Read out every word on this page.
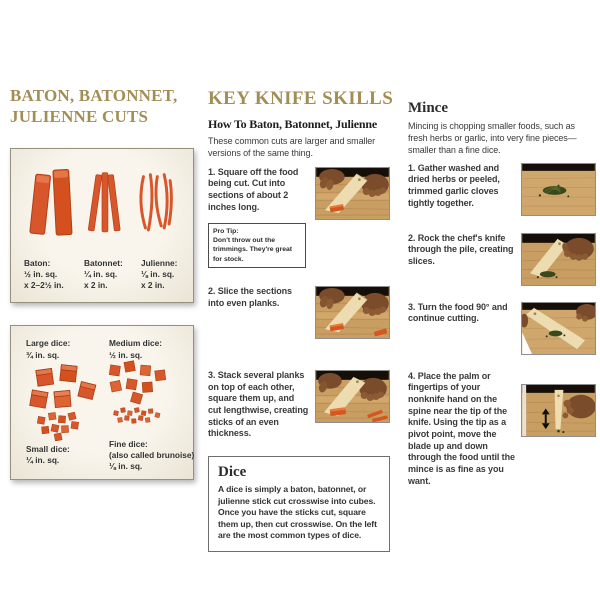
BATON, BATONNET, JULIENNE CUTS
Baton:
½ in. sq.
x 2–2½ in.
Batonnet:
¼ in. sq.
x 2 in.
Julienne:
⅛ in. sq.
x 2 in.
Large dice:
¾ in. sq.
Medium dice:
½ in. sq.
Small dice:
¼ in. sq.
Fine dice:
(also called brunoise)
⅛ in. sq.
KEY KNIFE SKILLS
How To Baton, Batonnet, Julienne

These common cuts are larger and smaller versions of the same thing.

1. Square off the food being cut. Cut into sections of about 2 inches long.

Pro Tip:
Don't throw out the trimmings. They're great for stock.

2. Slice the sections into even planks.

3. Stack several planks on top of each other, square them up, and cut lengthwise, creating sticks of an even thickness.

Dice

A dice is simply a baton, batonnet, or julienne stick cut crosswise into cubes. Once you have the sticks cut, square them up, then cut crosswise. On the left are the most common types of dice.

Mince

Mincing is chopping smaller foods, such as fresh herbs or garlic, into very fine pieces—smaller than a fine dice.

1. Gather washed and dried herbs or peeled, trimmed garlic cloves tightly together.

2. Rock the chef's knife through the pile, creating slices.

3. Turn the food 90° and continue cutting.

4. Place the palm or fingertips of your nonknife hand on the spine near the tip of the knife. Using the tip as a pivot point, move the blade up and down through the food until the mince is as fine as you want.
